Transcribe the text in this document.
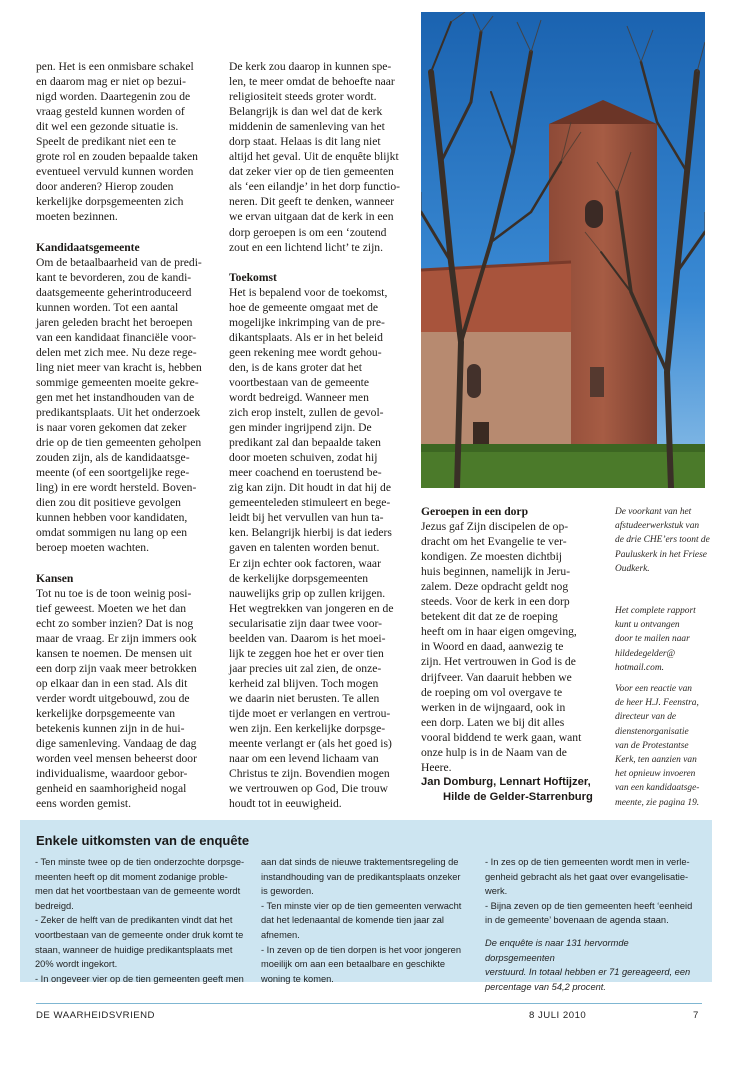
pen. Het is een onmisbare schakel

en daarom mag er niet op bezui-

nigd worden. Daartegenin zou de

vraag gesteld kunnen worden of

dit wel een gezonde situatie is.

Speelt de predikant niet een te

grote rol en zouden bepaalde taken

eventueel vervuld kunnen worden

door anderen? Hierop zouden

kerkelijke dorpsgemeenten zich

moeten bezinnen.

Kandidaatsgemeente

Om de betaalbaarheid van de predi-

kant te bevorderen, zou de kandi-

daatsgemeente geherintroduceerd

kunnen worden. Tot een aantal

jaren geleden bracht het beroepen

van een kandidaat financiële voor-

delen met zich mee. Nu deze rege-

ling niet meer van kracht is, hebben

sommige gemeenten moeite gekre-

gen met het instandhouden van de

predikantsplaats. Uit het onderzoek

is naar voren gekomen dat zeker

drie op de tien gemeenten geholpen

zouden zijn, als de kandidaatsge-

meente (of een soortgelijke rege-

ling) in ere wordt hersteld. Boven-

dien zou dit positieve gevolgen

kunnen hebben voor kandidaten,

omdat sommigen nu lang op een

beroep moeten wachten.

Kansen

Tot nu toe is de toon weinig posi-

tief geweest. Moeten we het dan

echt zo somber inzien? Dat is nog

maar de vraag. Er zijn immers ook

kansen te noemen. De mensen uit

een dorp zijn vaak meer betrokken

op elkaar dan in een stad. Als dit

verder wordt uitgebouwd, zou de

kerkelijke dorpsgemeente van

betekenis kunnen zijn in de hui-

dige samenleving. Vandaag de dag

worden veel mensen beheerst door

individualisme, waardoor gebor-

genheid en saamhorigheid nogal

eens worden gemist.

De kerk zou daarop in kunnen spe-

len, te meer omdat de behoefte naar

religiositeit steeds groter wordt.

Belangrijk is dan wel dat de kerk

middenin de samenleving van het

dorp staat. Helaas is dit lang niet

altijd het geval. Uit de enquête blijkt

dat zeker vier op de tien gemeenten

als ‘een eilandje’ in het dorp functio-

neren. Dit geeft te denken, wanneer

we ervan uitgaan dat de kerk in een

dorp geroepen is om een ‘zoutend

zout en een lichtend licht’ te zijn.

Toekomst

Het is bepalend voor de toekomst,

hoe de gemeente omgaat met de

mogelijke inkrimping van de pre-

dikantsplaats. Als er in het beleid

geen rekening mee wordt gehou-

den, is de kans groter dat het

voortbestaan van de gemeente

wordt bedreigd. Wanneer men

zich erop instelt, zullen de gevol-

gen minder ingrijpend zijn. De

predikant zal dan bepaalde taken

door moeten schuiven, zodat hij

meer coachend en toerustend be-

zig kan zijn. Dit houdt in dat hij de

gemeenteleden stimuleert en bege-

leidt bij het vervullen van hun ta-

ken. Belangrijk hierbij is dat ieders

gaven en talenten worden benut.

Er zijn echter ook factoren, waar

de kerkelijke dorpsgemeenten

nauwelijks grip op zullen krijgen.

Het wegtrekken van jongeren en de

secularisatie zijn daar twee voor-

beelden van. Daarom is het moei-

lijk te zeggen hoe het er over tien

jaar precies uit zal zien, de onze-

kerheid zal blijven. Toch mogen

we daarin niet berusten. Te allen

tijde moet er verlangen en vertrou-

wen zijn. Een kerkelijke dorpsge-

meente verlangt er (als het goed is)

naar om een levend lichaam van

Christus te zijn. Bovendien mogen

we vertrouwen op God, Die trouw

houdt tot in eeuwigheid.

Geroepen in een dorp

Jezus gaf Zijn discipelen de op-

dracht om het Evangelie te ver-

kondigen. Ze moesten dichtbij

huis beginnen, namelijk in Jeru-

zalem. Deze opdracht geldt nog

steeds. Voor de kerk in een dorp

betekent dit dat ze de roeping

heeft om in haar eigen omgeving,

in Woord en daad, aanwezig te

zijn. Het vertrouwen in God is de

drijfveer. Van daaruit hebben we

de roeping om vol overgave te

werken in de wijngaard, ook in

een dorp. Laten we bij dit alles

vooral biddend te werk gaan, want

onze hulp is in de Naam van de

Heere.

Jan Domburg, Lennart Hoftijzer,

Hilde de Gelder-Starrenburg

De voorkant van het

afstudeerwerkstuk van

de drie CHE’ers toont de

Pauluskerk in het Friese

Oudkerk.

Het complete rapport

kunt u ontvangen

door te mailen naar

hildedegelder@

hotmail.com.

Voor een reactie van

de heer H.J. Feenstra,

directeur van de

dienstenorganisatie

van de Protestantse

Kerk, ten aanzien van

het opnieuw invoeren

van een kandidaatsge-

meente, zie pagina 19.

Enkele uitkomsten van de enquête

- Ten minste twee op de tien onderzochte dorpsge-

meenten heeft op dit moment zodanige proble-

men dat het voortbestaan van de gemeente wordt

bedreigd.

- Zeker de helft van de predikanten vindt dat het

voortbestaan van de gemeente onder druk komt te

staan, wanneer de huidige predikantsplaats met

20% wordt ingekort.

- In ongeveer vier op de tien gemeenten geeft men

aan dat sinds de nieuwe traktementsregeling de

instandhouding van de predikantsplaats onzeker

is geworden.

- Ten minste vier op de tien gemeenten verwacht

dat het ledenaantal de komende tien jaar zal

afnemen.

- In zeven op de tien dorpen is het voor jongeren

moeilijk om aan een betaalbare en geschikte

woning te komen.

- In zes op de tien gemeenten wordt men in verle-

genheid gebracht als het gaat over evangelisatie-

werk.

- Bijna zeven op de tien gemeenten heeft ‘eenheid

in de gemeente’ bovenaan de agenda staan.

De enquête is naar 131 hervormde dorpsgemeenten

verstuurd. In totaal hebben er 71 gereageerd, een

percentage van 54,2 procent.

DE WAARHEIDSVRIEND	8 JULI 2010	7
